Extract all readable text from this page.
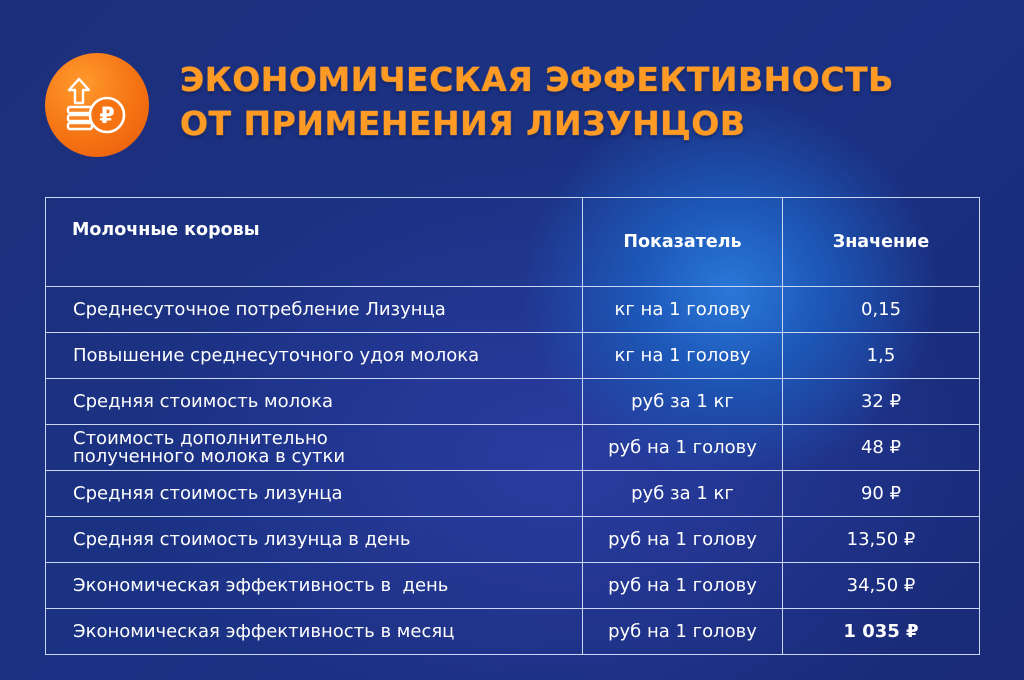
₽
ЭКОНОМИЧЕСКАЯ ЭФФЕКТИВНОСТЬ
ОТ ПРИМЕНЕНИЯ ЛИЗУНЦОВ
Молочные коровы	Показатель	Значение
Среднесуточное потребление Лизунца	кг на 1 голову	0,15
Повышение среднесуточного удоя молока	кг на 1 голову	1,5
Средняя стоимость молока	руб за 1 кг	32 ₽
Стоимость дополнительно
полученного молока в сутки	руб на 1 голову	48 ₽
Средняя стоимость лизунца	руб за 1 кг	90 ₽
Средняя стоимость лизунца в день	руб на 1 голову	13,50 ₽
Экономическая эффективность в  день	руб на 1 голову	34,50 ₽
Экономическая эффективность в месяц	руб на 1 голову	1 035 ₽
